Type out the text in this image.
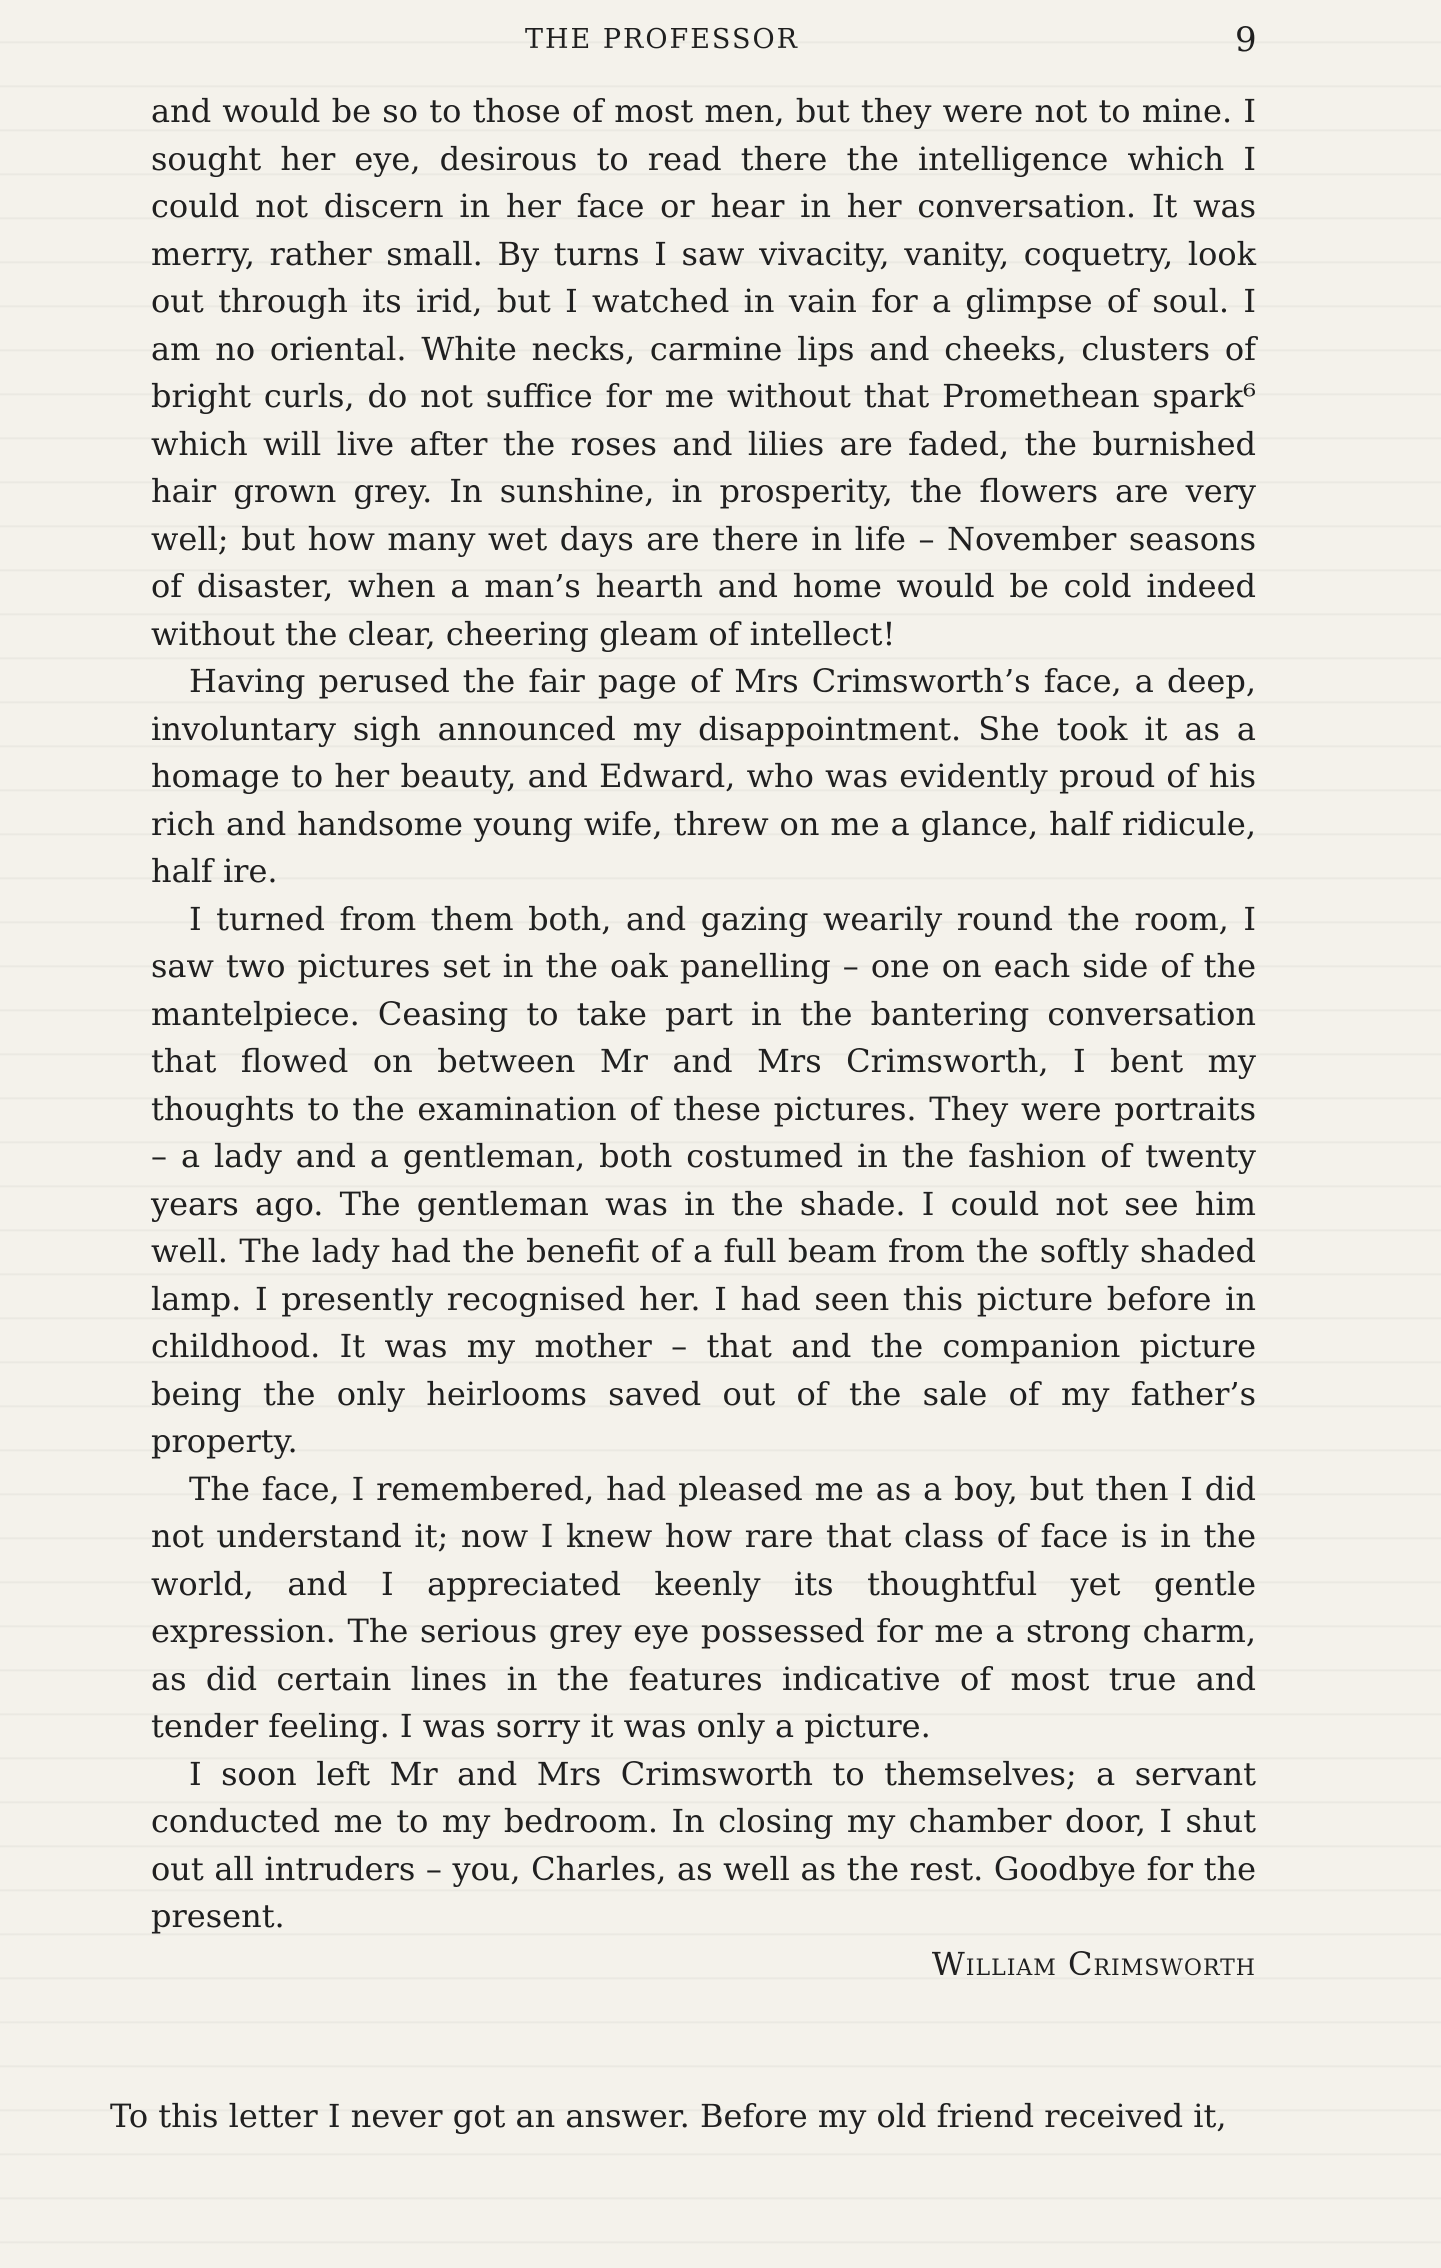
THE PROFESSOR	9

and would be so to those of most men, but they were not to mine. I sought her eye, desirous to read there the intelligence which I could not discern in her face or hear in her conversation. It was merry, rather small. By turns I saw vivacity, vanity, coquetry, look out through its irid, but I watched in vain for a glimpse of soul. I am no oriental. White necks, carmine lips and cheeks, clusters of bright curls, do not suffice for me without that Promethean spark⁶ which will live after the roses and lilies are faded, the burnished hair grown grey. In sunshine, in prosperity, the flowers are very well; but how many wet days are there in life – November seasons of disaster, when a man’s hearth and home would be cold indeed without the clear, cheering gleam of intellect!

Having perused the fair page of Mrs Crimsworth’s face, a deep, involuntary sigh announced my disappointment. She took it as a homage to her beauty, and Edward, who was evidently proud of his rich and handsome young wife, threw on me a glance, half ridicule, half ire.

I turned from them both, and gazing wearily round the room, I saw two pictures set in the oak panelling – one on each side of the mantelpiece. Ceasing to take part in the bantering conversation that flowed on between Mr and Mrs Crimsworth, I bent my thoughts to the examination of these pictures. They were portraits – a lady and a gentleman, both costumed in the fashion of twenty years ago. The gentleman was in the shade. I could not see him well. The lady had the benefit of a full beam from the softly shaded lamp. I presently recognised her. I had seen this picture before in childhood. It was my mother – that and the companion picture being the only heirlooms saved out of the sale of my father’s property.

The face, I remembered, had pleased me as a boy, but then I did not understand it; now I knew how rare that class of face is in the world, and I appreciated keenly its thoughtful yet gentle expression. The serious grey eye possessed for me a strong charm, as did certain lines in the features indicative of most true and tender feeling. I was sorry it was only a picture.

I soon left Mr and Mrs Crimsworth to themselves; a servant conducted me to my bedroom. In closing my chamber door, I shut out all intruders – you, Charles, as well as the rest. Goodbye for the present.

William Crimsworth

To this letter I never got an answer. Before my old friend received it,
